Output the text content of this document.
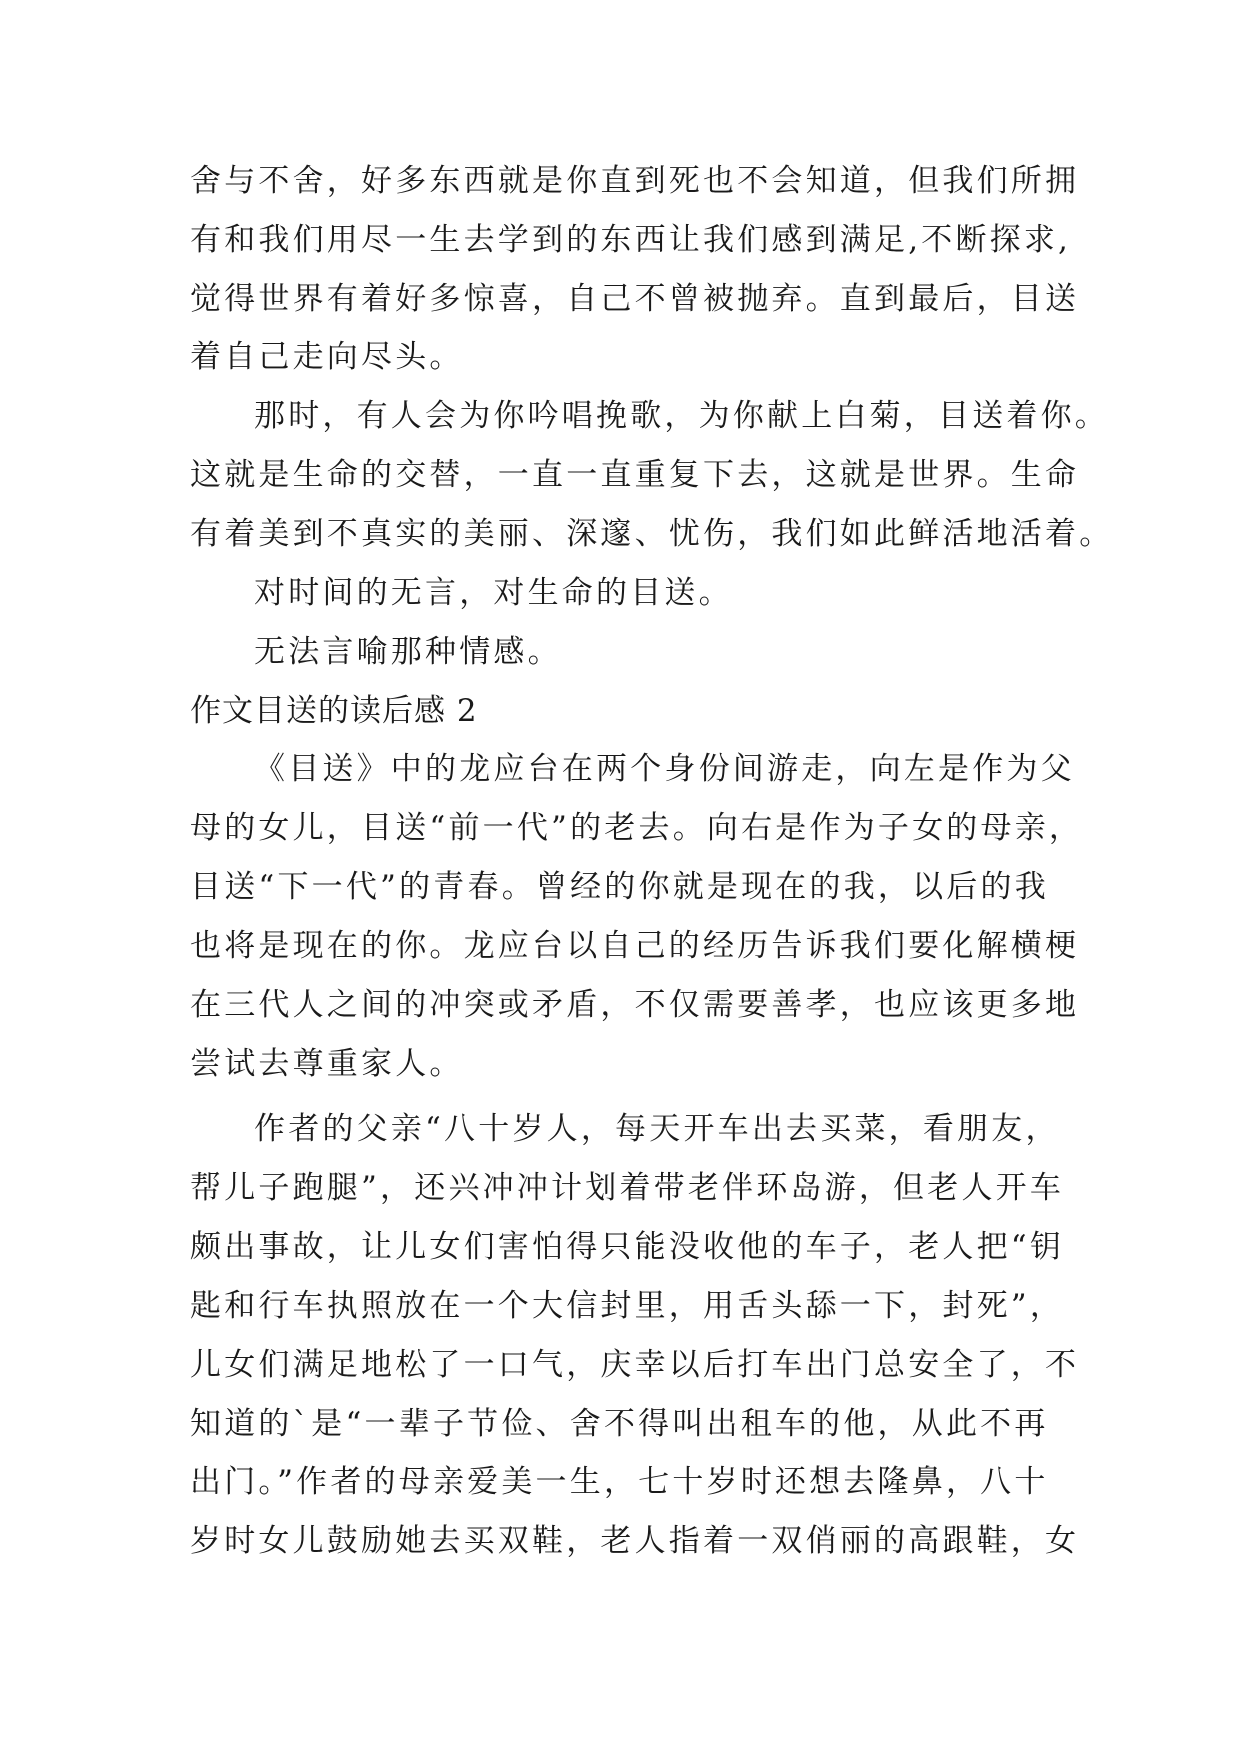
舍与不舍，好多东西就是你直到死也不会知道，但我们所拥
有和我们用尽一生去学到的东西让我们感到满足,不断探求,
觉得世界有着好多惊喜，自己不曾被抛弃。直到最后，目送
着自己走向尽头。
那时，有人会为你吟唱挽歌，为你献上白菊，目送着你。
这就是生命的交替，一直一直重复下去，这就是世界。生命
有着美到不真实的美丽、深邃、忧伤，我们如此鲜活地活着。
对时间的无言，对生命的目送。
无法言喻那种情感。
作文目送的读后感 2
《目送》中的龙应台在两个身份间游走，向左是作为父
母的女儿，目送“前一代”的老去。向右是作为子女的母亲，
目送“下一代”的青春。曾经的你就是现在的我，以后的我
也将是现在的你。龙应台以自己的经历告诉我们要化解横梗
在三代人之间的冲突或矛盾，不仅需要善孝，也应该更多地
尝试去尊重家人。
作者的父亲“八十岁人，每天开车出去买菜，看朋友，
帮儿子跑腿”，还兴冲冲计划着带老伴环岛游，但老人开车
颇出事故，让儿女们害怕得只能没收他的车子，老人把“钥
匙和行车执照放在一个大信封里，用舌头舔一下，封死”，
儿女们满足地松了一口气，庆幸以后打车出门总安全了，不
知道的`是“一辈子节俭、舍不得叫出租车的他，从此不再
出门。”作者的母亲爱美一生，七十岁时还想去隆鼻，八十
岁时女儿鼓励她去买双鞋，老人指着一双俏丽的高跟鞋，女
